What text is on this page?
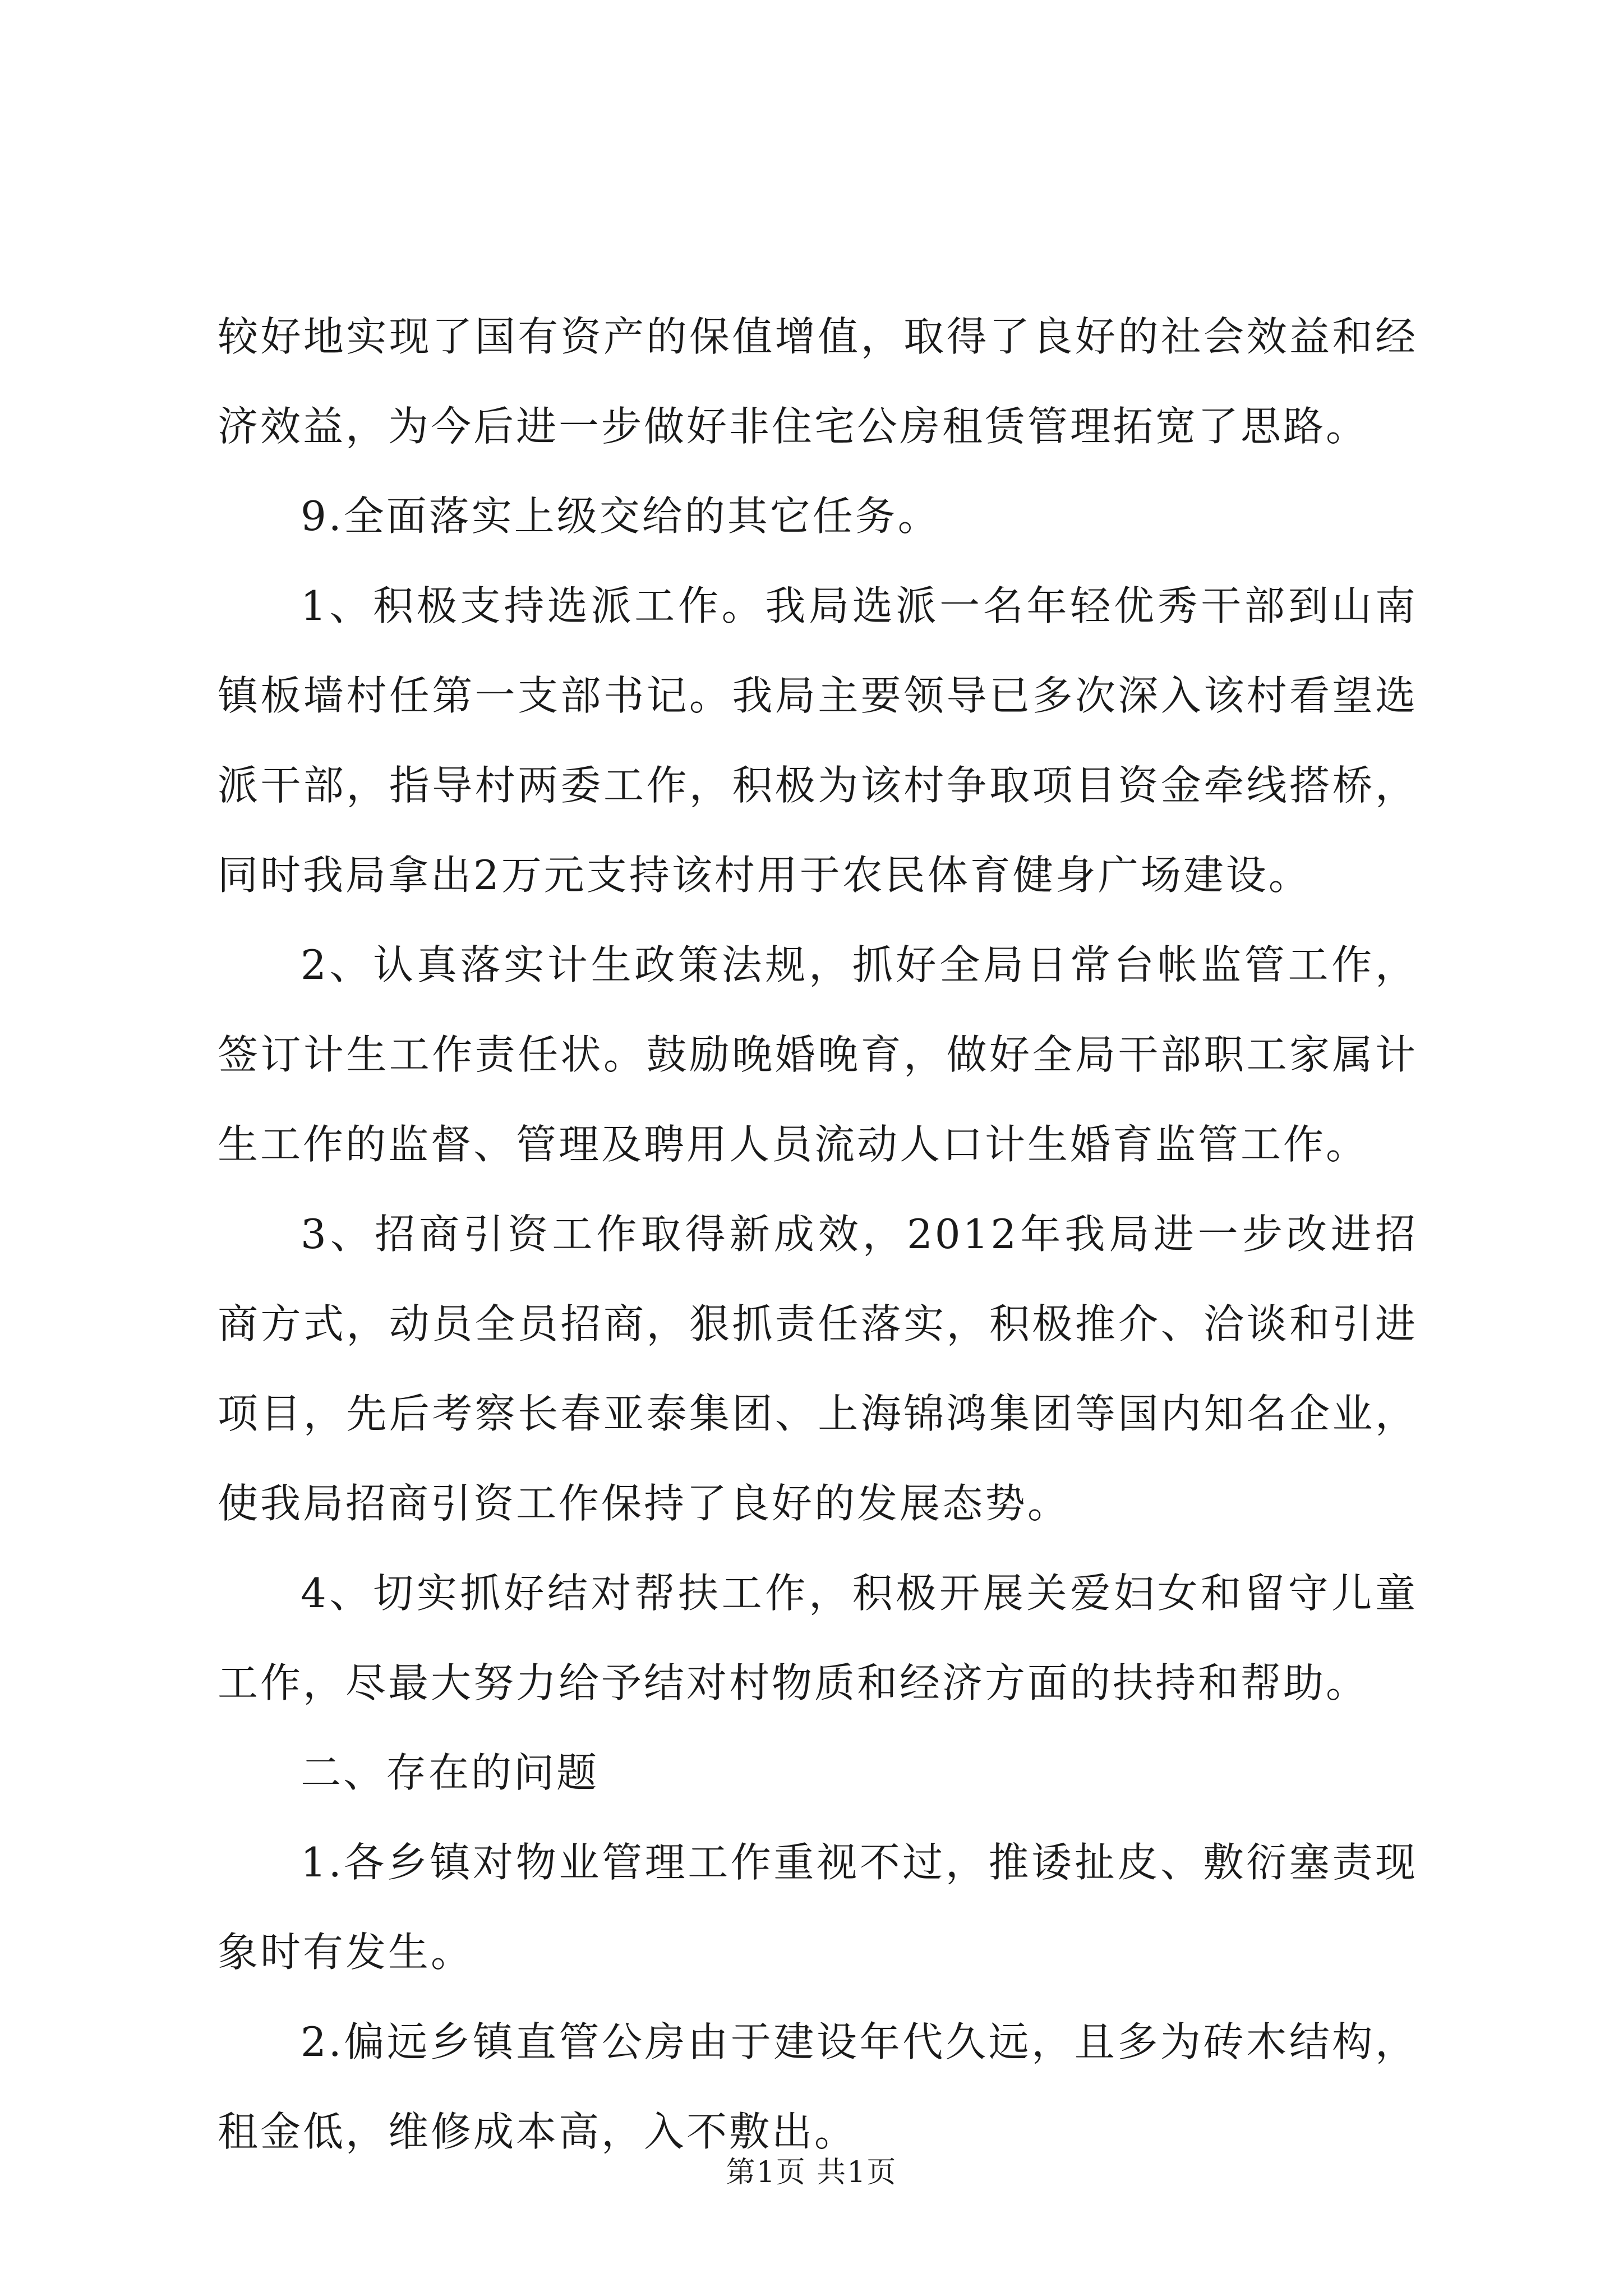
较好地实现了国有资产的保值增值，取得了良好的社会效益和经济效益，为今后进一步做好非住宅公房租赁管理拓宽了思路。

9.全面落实上级交给的其它任务。

1、积极支持选派工作。我局选派一名年轻优秀干部到山南镇板墙村任第一支部书记。我局主要领导已多次深入该村看望选派干部，指导村两委工作，积极为该村争取项目资金牵线搭桥，同时我局拿出2万元支持该村用于农民体育健身广场建设。

2、认真落实计生政策法规，抓好全局日常台帐监管工作，签订计生工作责任状。鼓励晚婚晚育，做好全局干部职工家属计生工作的监督、管理及聘用人员流动人口计生婚育监管工作。

3、招商引资工作取得新成效，2012年我局进一步改进招商方式，动员全员招商，狠抓责任落实，积极推介、洽谈和引进项目，先后考察长春亚泰集团、上海锦鸿集团等国内知名企业，使我局招商引资工作保持了良好的发展态势。

4、切实抓好结对帮扶工作，积极开展关爱妇女和留守儿童工作，尽最大努力给予结对村物质和经济方面的扶持和帮助。

二、存在的问题

1.各乡镇对物业管理工作重视不过，推诿扯皮、敷衍塞责现象时有发生。

2.偏远乡镇直管公房由于建设年代久远，且多为砖木结构，租金低，维修成本高，入不敷出。

第1页 共1页
